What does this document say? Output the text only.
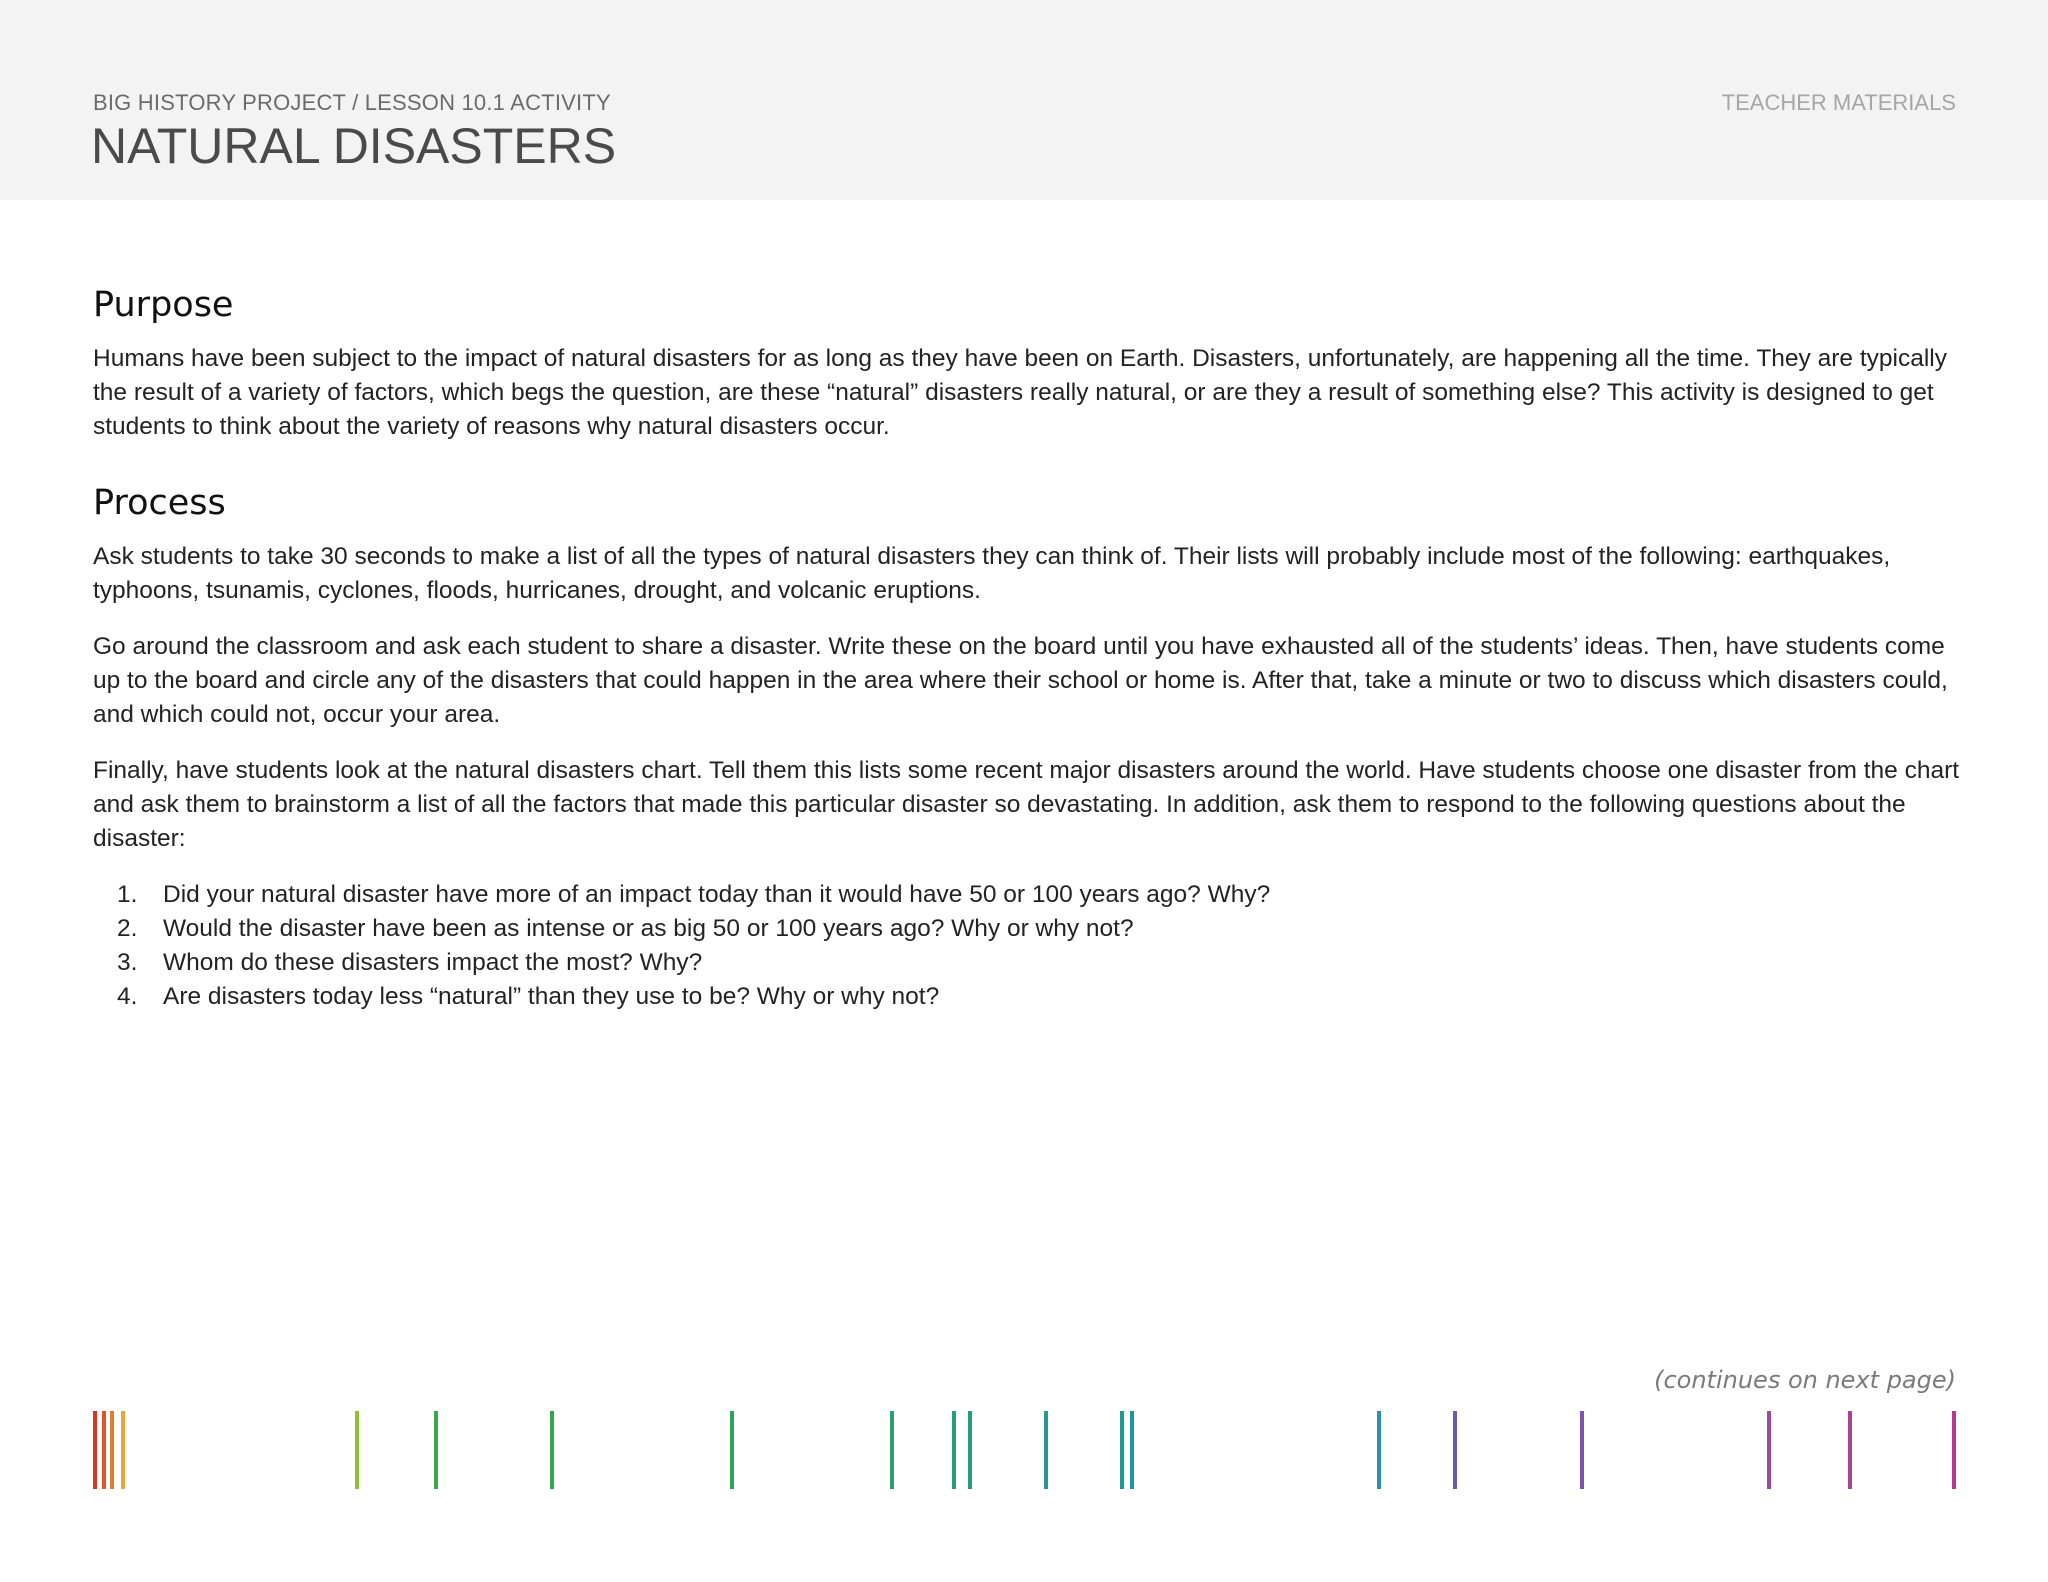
BIG HISTORY PROJECT / LESSON 10.1 ACTIVITY
NATURAL DISASTERS
TEACHER MATERIALS
Purpose

Humans have been subject to the impact of natural disasters for as long as they have been on Earth. Disasters, unfortunately, are happening all the time. They are typically the result of a variety of factors, which begs the question, are these “natural” disasters really natural, or are they a result of something else? This activity is designed to get students to think about the variety of reasons why natural disasters occur.

Process

Ask students to take 30 seconds to make a list of all the types of natural disasters they can think of. Their lists will probably include most of the following: earthquakes, typhoons, tsunamis, cyclones, floods, hurricanes, drought, and volcanic eruptions.

Go around the classroom and ask each student to share a disaster. Write these on the board until you have exhausted all of the students’ ideas. Then, have students come up to the board and circle any of the disasters that could happen in the area where their school or home is. After that, take a minute or two to discuss which disasters could, and which could not, occur your area.

Finally, have students look at the natural disasters chart. Tell them this lists some recent major disasters around the world. Have students choose one disaster from the chart and ask them to brainstorm a list of all the factors that made this particular disaster so devastating. In addition, ask them to respond to the following questions about the disaster:

1.	Did your natural disaster have more of an impact today than it would have 50 or 100 years ago? Why?
2.	Would the disaster have been as intense or as big 50 or 100 years ago? Why or why not?
3.	Whom do these disasters impact the most? Why?
4.	Are disasters today less “natural” than they use to be? Why or why not?
(continues on next page)
